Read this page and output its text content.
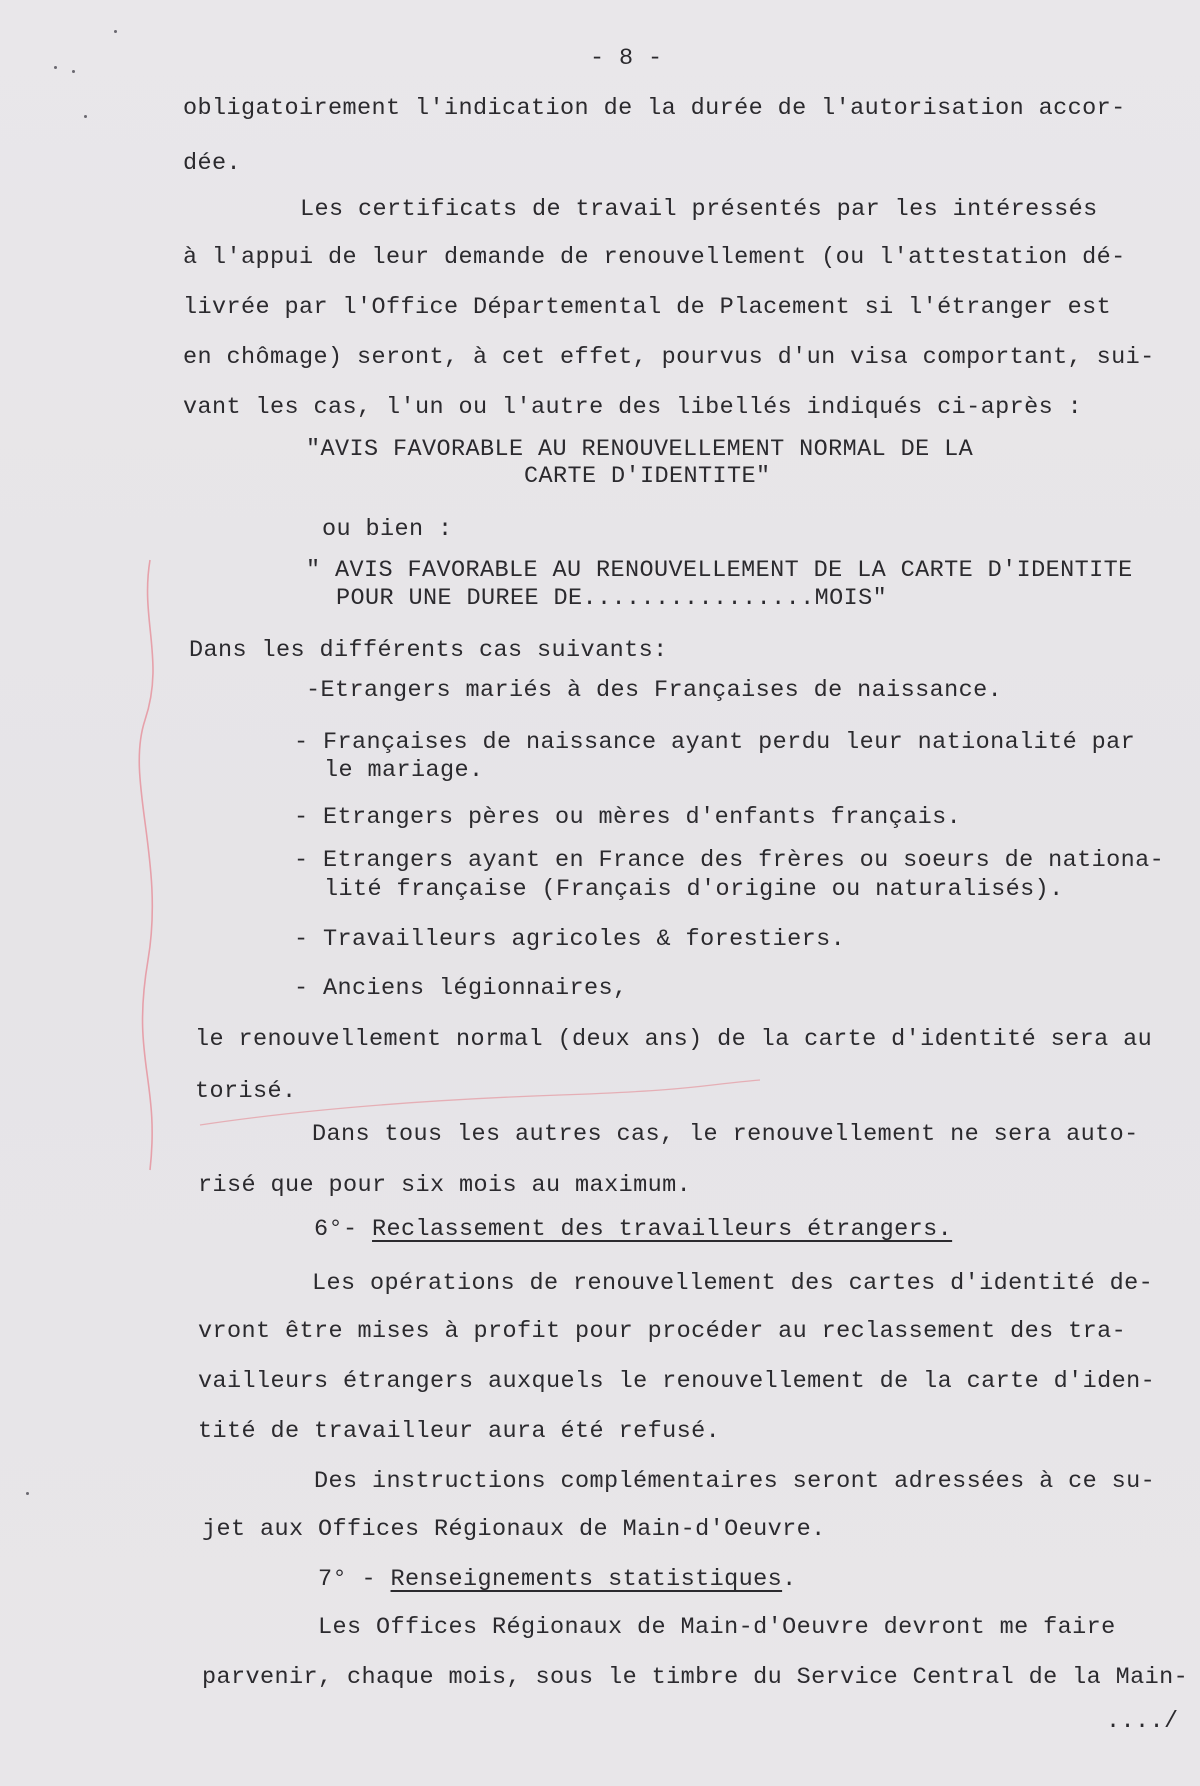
- 8 -
obligatoirement l'indication de la durée de l'autorisation accor-
dée.
Les certificats de travail présentés par les intéressés
à l'appui de leur demande de renouvellement (ou l'attestation dé-
livrée par l'Office Départemental de Placement si l'étranger est
en chômage) seront, à cet effet, pourvus d'un visa comportant, sui-
vant les cas, l'un ou l'autre des libellés indiqués ci-après :
"AVIS FAVORABLE AU RENOUVELLEMENT NORMAL DE LA
CARTE D'IDENTITE"
ou bien :
" AVIS FAVORABLE AU RENOUVELLEMENT DE LA CARTE D'IDENTITE
POUR UNE DUREE DE................MOIS"
Dans les différents cas suivants:
-Etrangers mariés à des Françaises de naissance.
- Françaises de naissance ayant perdu leur nationalité par
le mariage.
- Etrangers pères ou mères d'enfants français.
- Etrangers ayant en France des frères ou soeurs de nationa-
lité française (Français d'origine ou naturalisés).
- Travailleurs agricoles & forestiers.
- Anciens légionnaires,
le renouvellement normal (deux ans) de la carte d'identité sera au
torisé.
Dans tous les autres cas, le renouvellement ne sera auto-
risé que pour six mois au maximum.
6°- Reclassement des travailleurs étrangers.
Les opérations de renouvellement des cartes d'identité de-
vront être mises à profit pour procéder au reclassement des tra-
vailleurs étrangers auxquels le renouvellement de la carte d'iden-
tité de travailleur aura été refusé.
Des instructions complémentaires seront adressées à ce su-
jet aux Offices Régionaux de Main-d'Oeuvre.
7° - Renseignements statistiques.
Les Offices Régionaux de Main-d'Oeuvre devront me faire
parvenir, chaque mois, sous le timbre du Service Central de la Main-
..../
